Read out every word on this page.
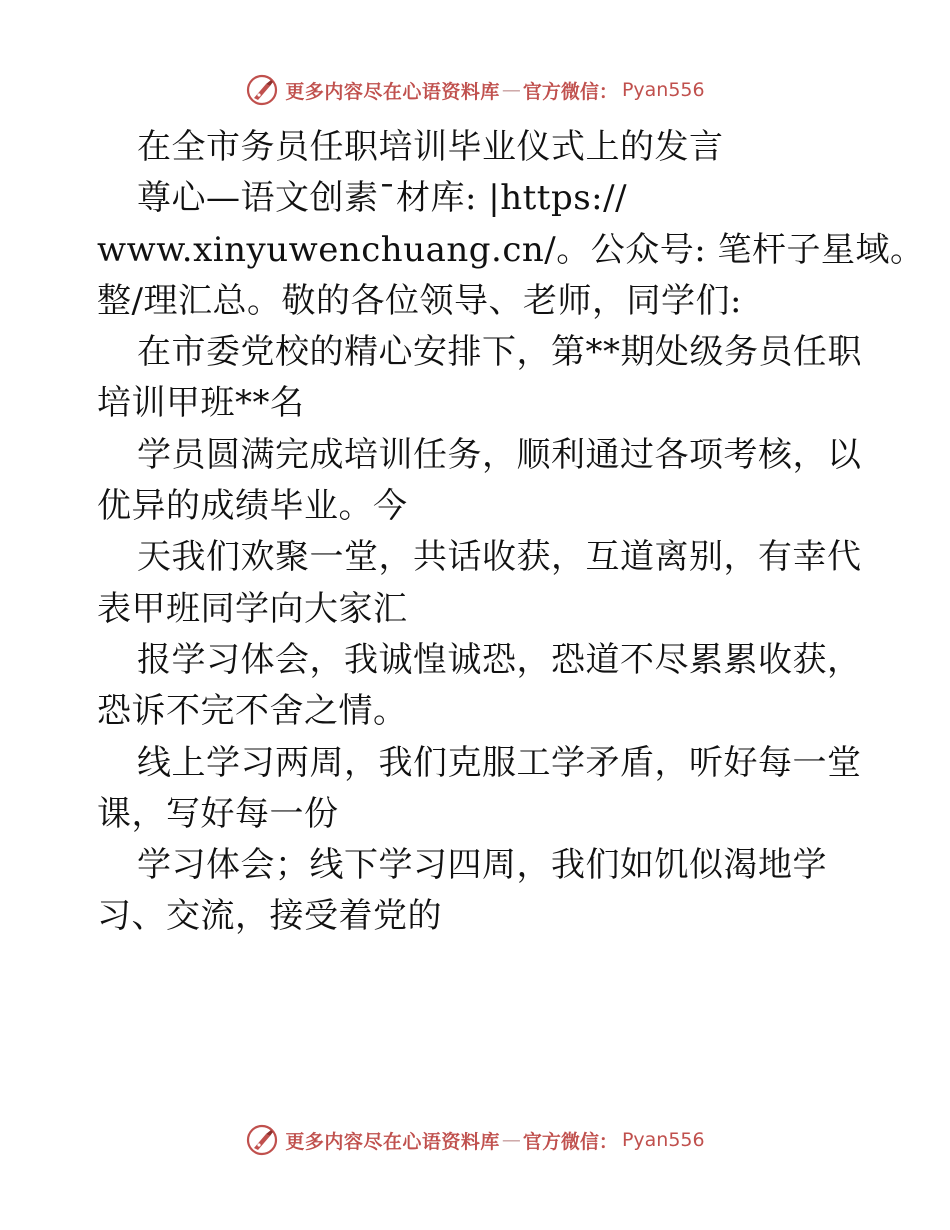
更多内容尽在心语资料库 — 官方微信： Pyan556
在全市务员任职培训毕业仪式上的发言
尊心—语文创素¯材库: |https://
www.xinyuwenchuang.cn/。公众号: 笔杆子星域。
整/理汇总。敬的各位领导、老师，同学们:
在市委党校的精心安排下，第**期处级务员任职
培训甲班**名
学员圆满完成培训任务，顺利通过各项考核，以
优异的成绩毕业。今
天我们欢聚一堂，共话收获，互道离别，有幸代
表甲班同学向大家汇
报学习体会，我诚惶诚恐，恐道不尽累累收获，
恐诉不完不舍之情。
线上学习两周，我们克服工学矛盾，听好每一堂
课，写好每一份
学习体会；线下学习四周，我们如饥似渴地学
习、交流，接受着党的
更多内容尽在心语资料库 — 官方微信： Pyan556
